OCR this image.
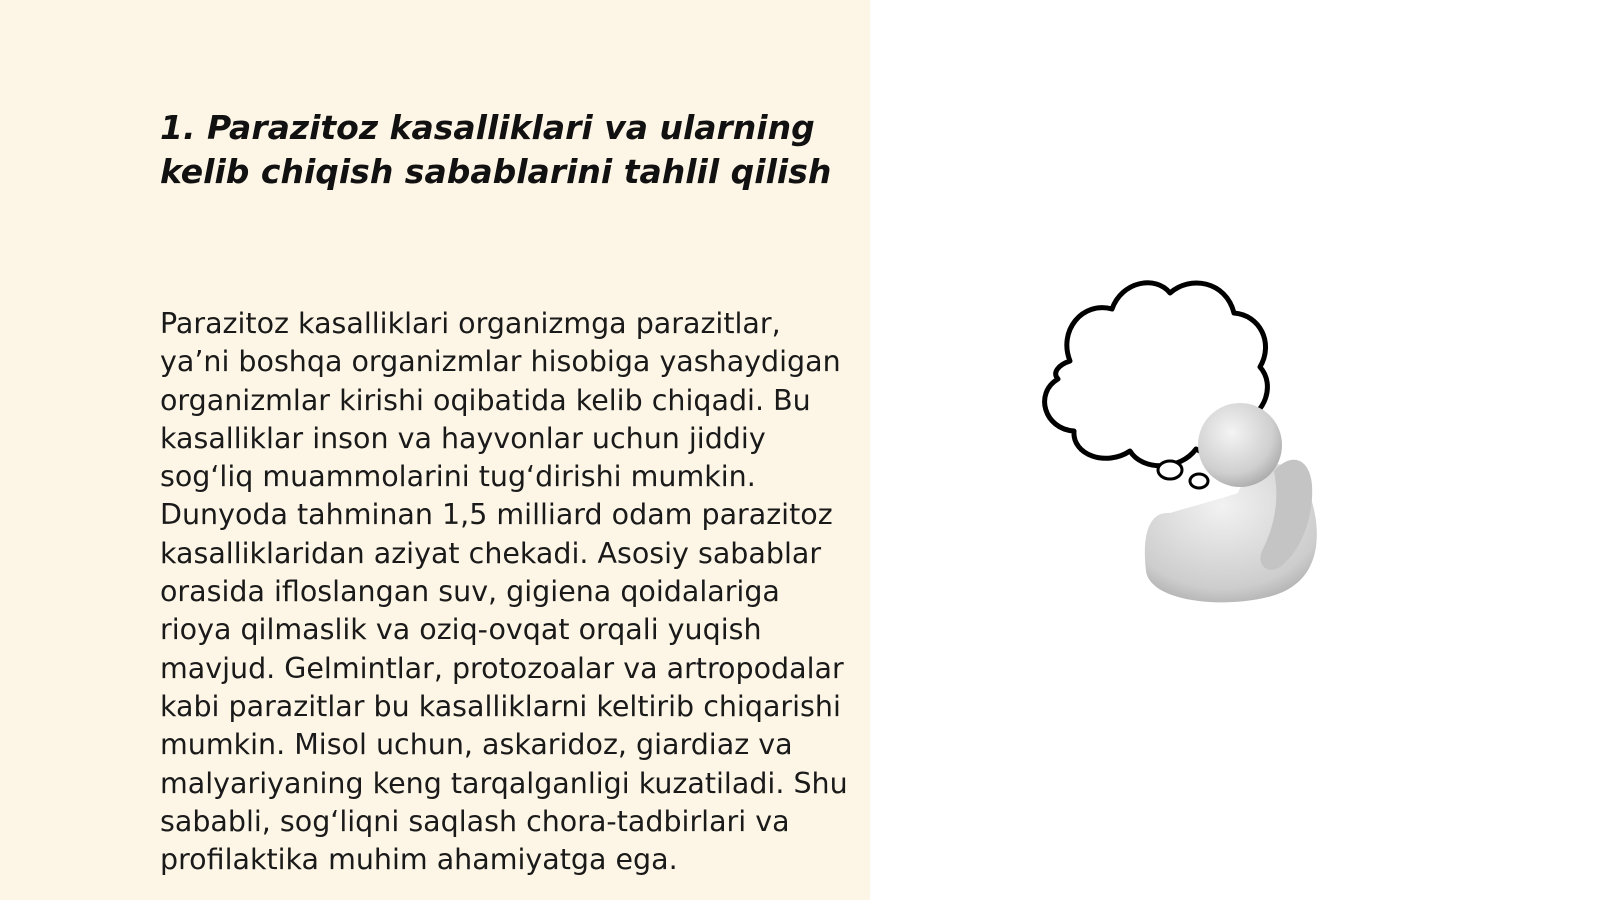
1. Parazitoz kasalliklari va ularning kelib chiqish sabablarini tahlil qilish

Parazitoz kasalliklari organizmga parazitlar, ya’ni boshqa organizmlar hisobiga yashaydigan organizmlar kirishi oqibatida kelib chiqadi. Bu kasalliklar inson va hayvonlar uchun jiddiy sog‘liq muammolarini tug‘dirishi mumkin. Dunyoda tahminan 1,5 milliard odam parazitoz kasalliklaridan aziyat chekadi. Asosiy sabablar orasida ifloslangan suv, gigiena qoidalariga rioya qilmaslik va oziq-ovqat orqali yuqish mavjud. Gelmintlar, protozoalar va artropodalar kabi parazitlar bu kasalliklarni keltirib chiqarishi mumkin. Misol uchun, askaridoz, giardiaz va malyariyaning keng tarqalganligi kuzatiladi. Shu sababli, sog‘liqni saqlash chora-tadbirlari va profilaktika muhim ahamiyatga ega.
